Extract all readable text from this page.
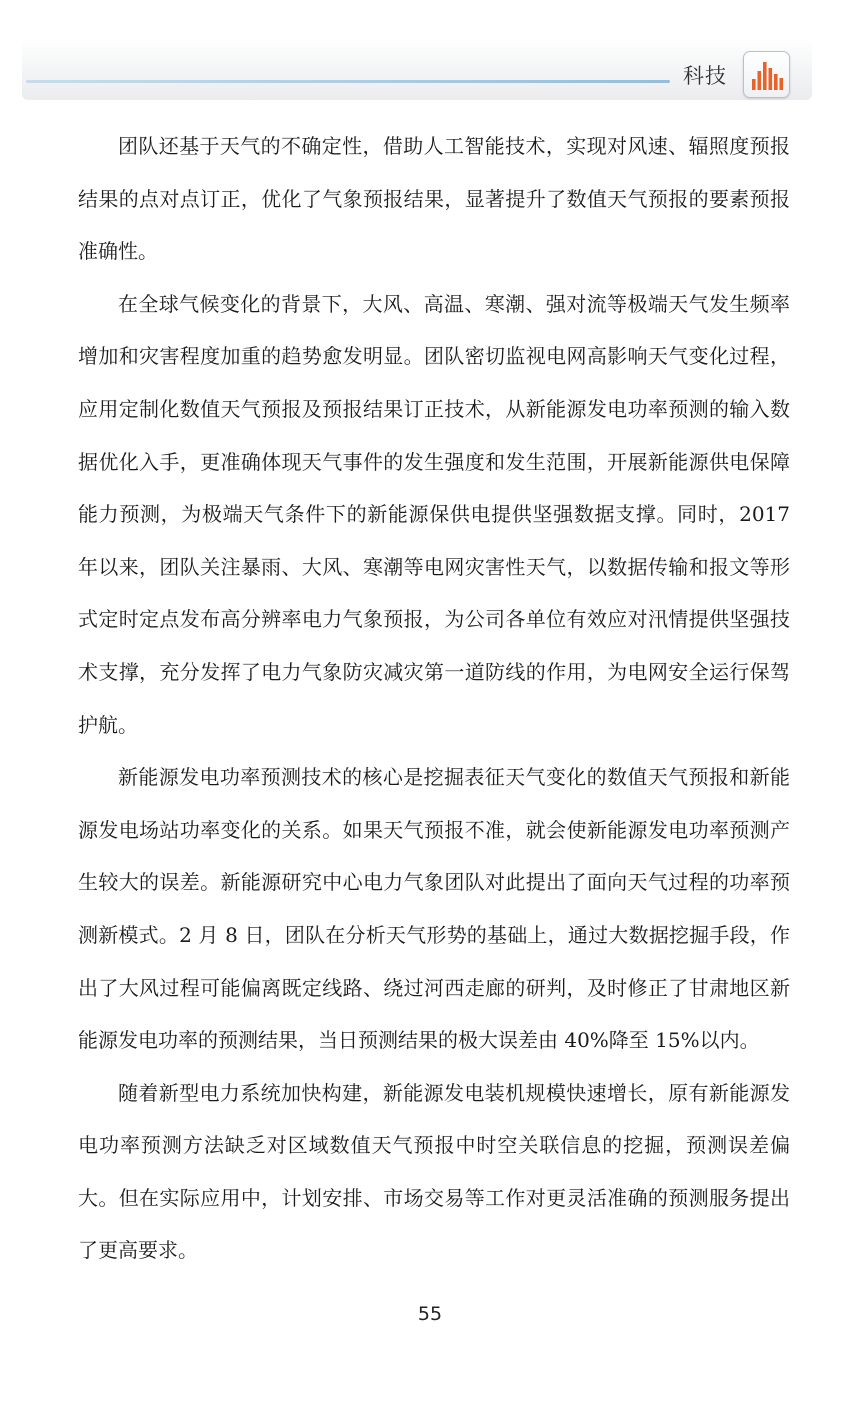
科技

团队还基于天气的不确定性，借助人工智能技术，实现对风速、辐照度预报结果的点对点订正，优化了气象预报结果，显著提升了数值天气预报的要素预报准确性。

在全球气候变化的背景下，大风、高温、寒潮、强对流等极端天气发生频率增加和灾害程度加重的趋势愈发明显。团队密切监视电网高影响天气变化过程，应用定制化数值天气预报及预报结果订正技术，从新能源发电功率预测的输入数据优化入手，更准确体现天气事件的发生强度和发生范围，开展新能源供电保障能力预测，为极端天气条件下的新能源保供电提供坚强数据支撑。同时，2017 年以来，团队关注暴雨、大风、寒潮等电网灾害性天气，以数据传输和报文等形式定时定点发布高分辨率电力气象预报，为公司各单位有效应对汛情提供坚强技术支撑，充分发挥了电力气象防灾减灾第一道防线的作用，为电网安全运行保驾护航。

新能源发电功率预测技术的核心是挖掘表征天气变化的数值天气预报和新能源发电场站功率变化的关系。如果天气预报不准，就会使新能源发电功率预测产生较大的误差。新能源研究中心电力气象团队对此提出了面向天气过程的功率预测新模式。2 月 8 日，团队在分析天气形势的基础上，通过大数据挖掘手段，作出了大风过程可能偏离既定线路、绕过河西走廊的研判，及时修正了甘肃地区新能源发电功率的预测结果，当日预测结果的极大误差由 40%降至 15%以内。

随着新型电力系统加快构建，新能源发电装机规模快速增长，原有新能源发电功率预测方法缺乏对区域数值天气预报中时空关联信息的挖掘，预测误差偏大。但在实际应用中，计划安排、市场交易等工作对更灵活准确的预测服务提出了更高要求。

55
